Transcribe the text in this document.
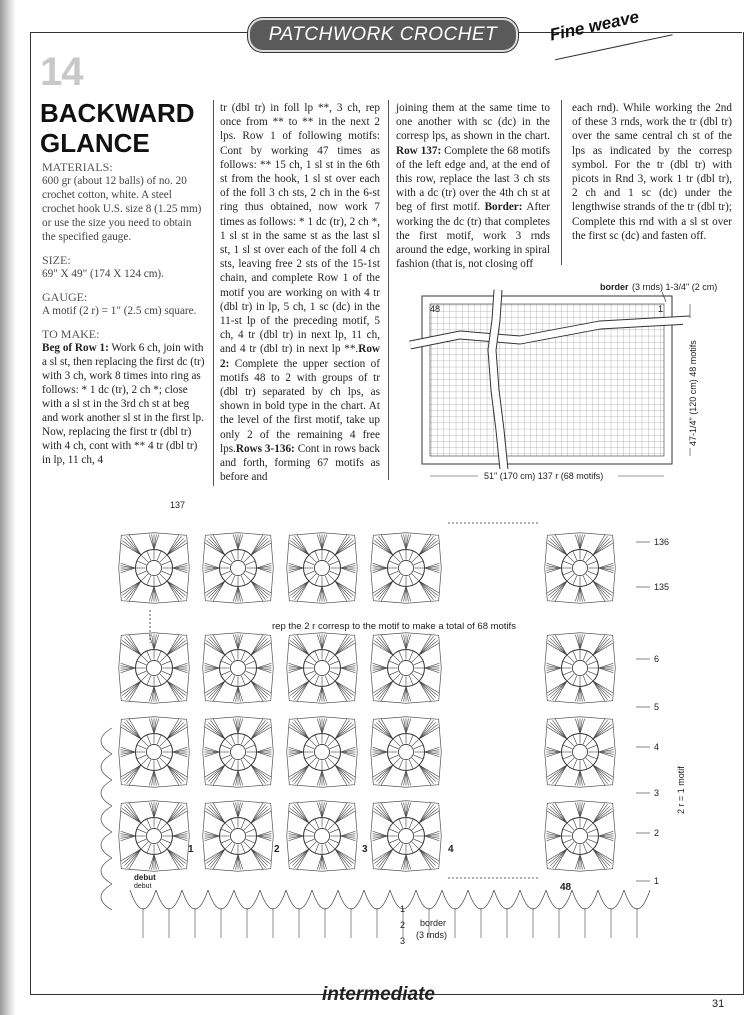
PATCHWORK CROCHET	Fine weave
14
BACKWARD
GLANCE
MATERIALS:

600 gr (about 12 balls) of no. 20 crochet cotton, white. A steel crochet hook U.S. size 8 (1.25 mm) or use the size you need to obtain the specified gauge.

SIZE:

69" X 49" (174 X 124 cm).

GAUGE:

A motif (2 r) = 1" (2.5 cm) square.

TO MAKE:

Beg of Row 1: Work 6 ch, join with a sl st, then replacing the first dc (tr) with 3 ch, work 8 times into ring as follows: * 1 dc (tr), 2 ch *; close with a sl st in the 3rd ch st at beg and work another sl st in the first lp. Now, replacing the first tr (dbl tr) with 4 ch, cont with ** 4 tr (dbl tr) in lp, 11 ch, 4

tr (dbl tr) in foll lp **, 3 ch, rep once from ** to ** in the next 2 lps. Row 1 of following motifs: Cont by working 47 times as follows: ** 15 ch, 1 sl st in the 6th st from the hook, 1 sl st over each of the foll 3 ch sts, 2 ch in the 6-st ring thus obtained, now work 7 times as follows: * 1 dc (tr), 2 ch *, 1 sl st in the same st as the last sl st, 1 sl st over each of the foll 4 ch sts, leaving free 2 sts of the 15-1st chain, and complete Row 1 of the motif you are working on with 4 tr (dbl tr) in lp, 5 ch, 1 sc (dc) in the 11-st lp of the preceding motif, 5 ch, 4 tr (dbl tr) in next lp, 11 ch, and 4 tr (dbl tr) in next lp **.Row 2: Complete the upper section of motifs 48 to 2 with groups of tr (dbl tr) separated by ch lps, as shown in bold type in the chart. At the level of the first motif, take up only 2 of the remaining 4 free lps.Rows 3-136: Cont in rows back and forth, forming 67 motifs as before and

joining them at the same time to one another with sc (dc) in the corresp lps, as shown in the chart. Row 137: Complete the 68 motifs of the left edge and, at the end of this row, replace the last 3 ch sts with a dc (tr) over the 4th ch st at beg of first motif. Border: After working the dc (tr) that completes the first motif, work 3 rnds around the edge, working in spiral fashion (that is, not closing off

each rnd). While working the 2nd of these 3 rnds, work the tr (dbl tr) over the same central ch st of the lps as indicated by the corresp symbol. For the tr (dbl tr) with picots in Rnd 3, work 1 tr (dbl tr), 2 ch and 1 sc (dc) under the lengthwise strands of the tr (dbl tr); Complete this rnd with a sl st over the first sc (dc) and fasten off.

48	1
border (3 rnds) 1-3/4" (2 cm)
51" (170 cm) 137 r (68 motifs)
47-1/4" (120 cm) 48 motifs
137
rep the 2 r corresp to the motif to make a total of 68 motifs
136
135
6
5
4
3
2
1
1	2	3	4
48
debut
debut
2 r = 1 motif
1
2
3
border
(3 rnds)
intermediate	31
